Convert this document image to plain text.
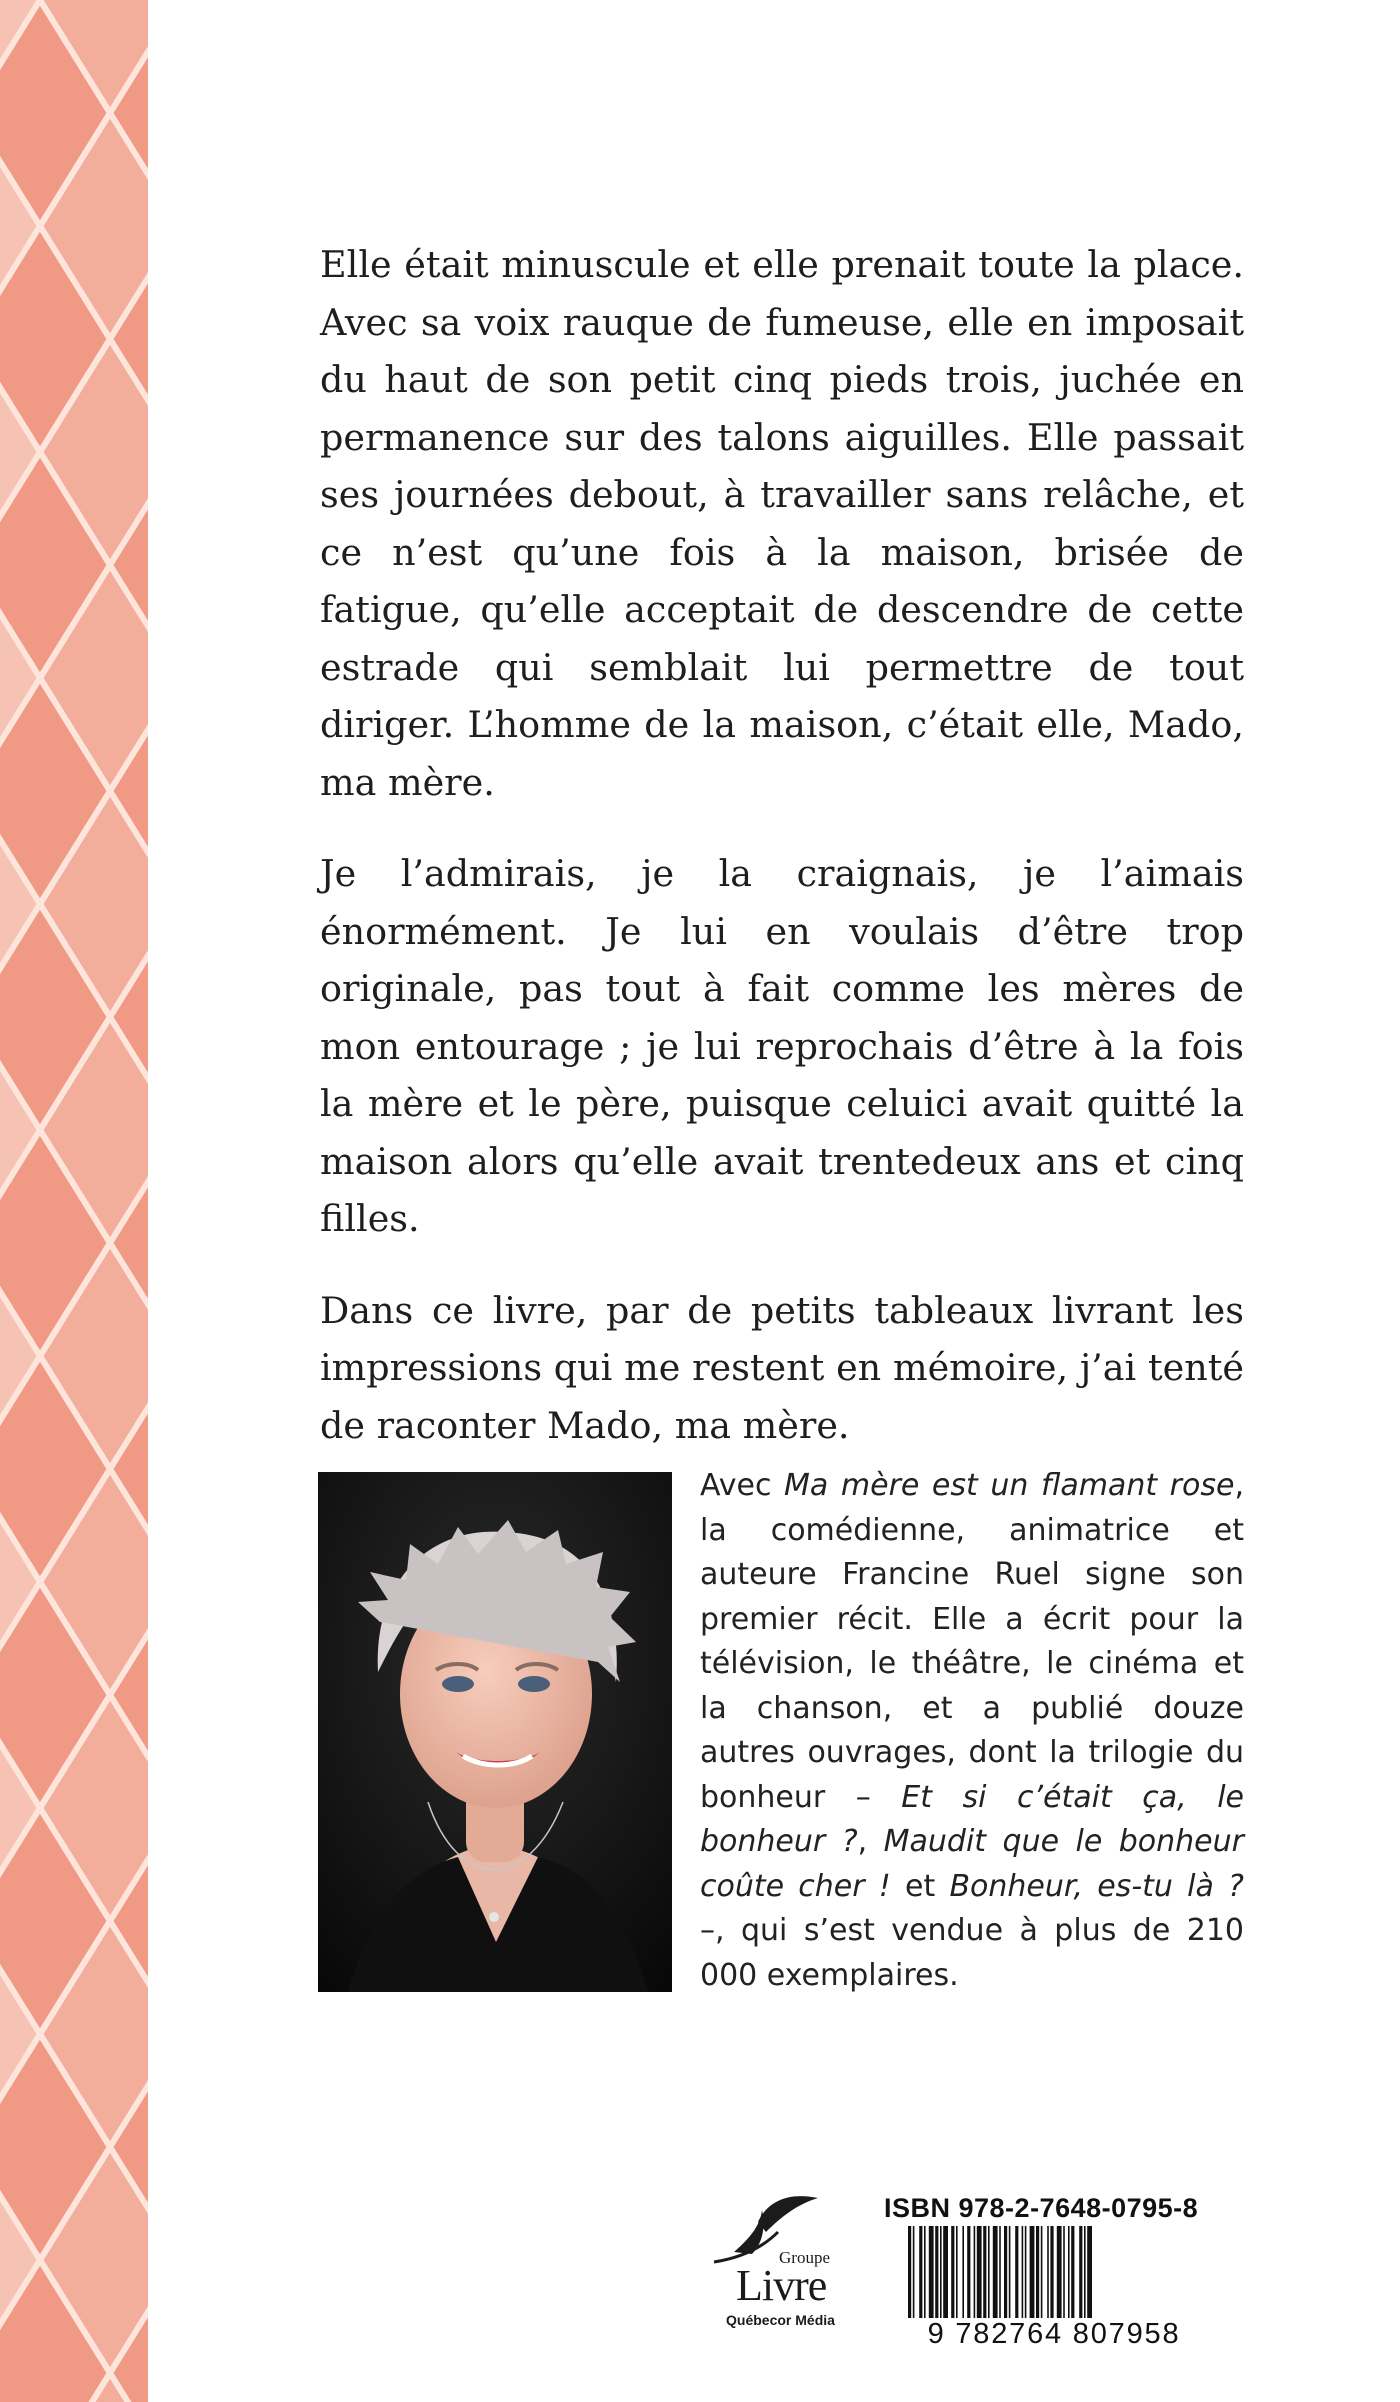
Elle était minuscule et elle prenait toute la place. Avec sa voix rauque de fumeuse, elle en imposait du haut de son petit cinq pieds trois, juchée en permanence sur des talons aiguilles. Elle passait ses journées debout, à travailler sans relâche, et ce n’est qu’une fois à la maison, brisée de fatigue, qu’elle acceptait de descendre de cette estrade qui semblait lui permettre de tout diriger. L’homme de la maison, c’était elle, Mado, ma mère.

Je l’admirais, je la craignais, je l’aimais énormément. Je lui en voulais d’être trop originale, pas tout à fait comme les mères de mon entourage ; je lui reprochais d’être à la fois la mère et le père, puisque celuici avait quitté la maison alors qu’elle avait trentedeux ans et cinq filles.

Dans ce livre, par de petits tableaux livrant les impressions qui me restent en mémoire, j’ai tenté de raconter Mado, ma mère.

Avec Ma mère est un flamant rose, la comédienne, animatrice et auteure Francine Ruel signe son premier récit. Elle a écrit pour la télévision, le théâtre, le cinéma et la chanson, et a publié douze autres ouvrages, dont la trilogie du bonheur – Et si c’était ça, le bonheur ?, Maudit que le bonheur coûte cher ! et Bonheur, es-tu là ? –, qui s’est vendue à plus de 210 000 exemplaires.
Groupe
Livre
Québecor Média
ISBN 978-2-7648-0795-8
9 782764 807958
